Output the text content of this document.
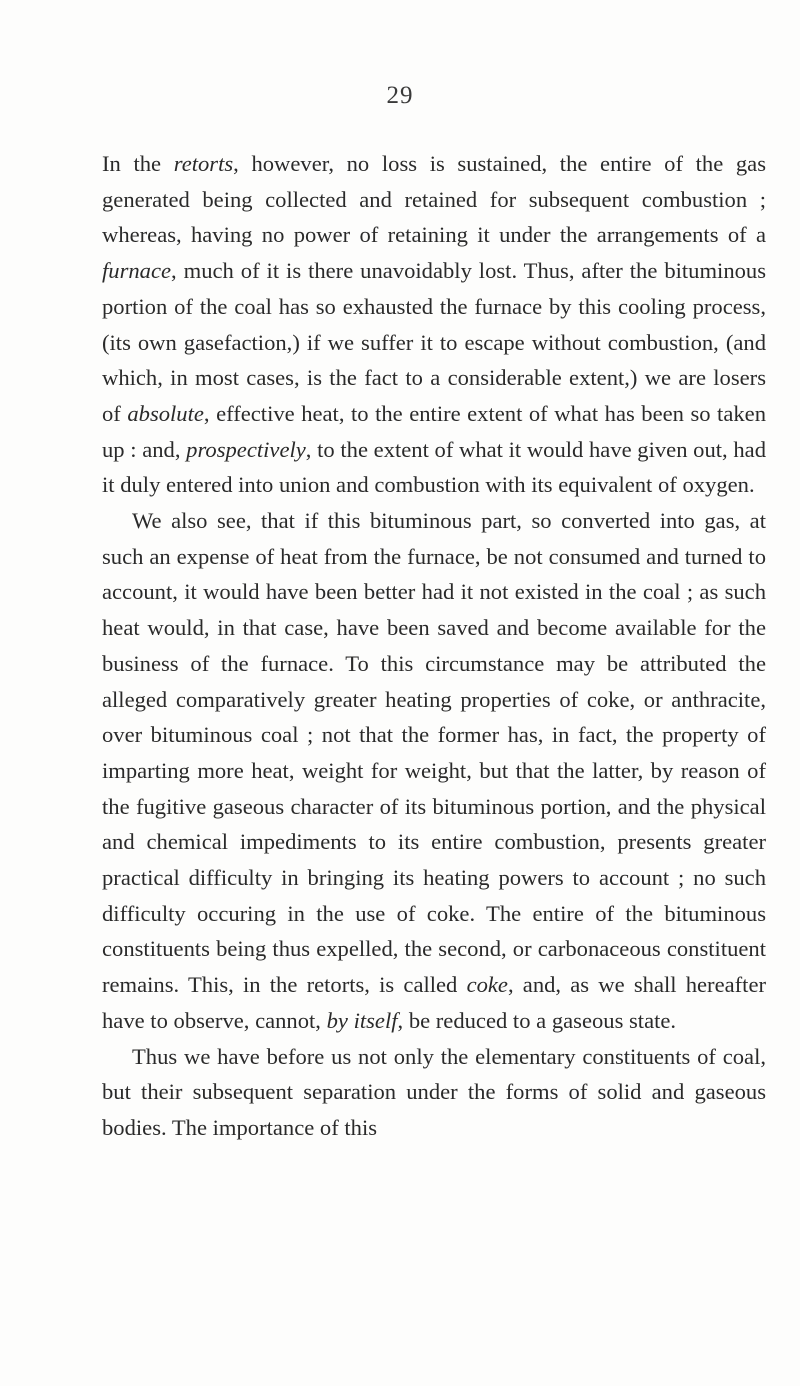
29

In the retorts, however, no loss is sustained, the entire of the gas generated being collected and retained for subsequent combustion ; whereas, having no power of retaining it under the arrangements of a furnace, much of it is there unavoidably lost. Thus, after the bituminous portion of the coal has so exhausted the furnace by this cooling process, (its own gasefaction,) if we suffer it to escape without combustion, (and which, in most cases, is the fact to a considerable extent,) we are losers of absolute, effective heat, to the entire extent of what has been so taken up : and, prospectively, to the extent of what it would have given out, had it duly entered into union and combustion with its equivalent of oxygen.

We also see, that if this bituminous part, so converted into gas, at such an expense of heat from the furnace, be not consumed and turned to account, it would have been better had it not existed in the coal ; as such heat would, in that case, have been saved and become available for the business of the furnace. To this circumstance may be attributed the alleged comparatively greater heating properties of coke, or anthracite, over bituminous coal ; not that the former has, in fact, the property of imparting more heat, weight for weight, but that the latter, by reason of the fugitive gaseous character of its bituminous portion, and the physical and chemical impediments to its entire combustion, presents greater practical difficulty in bringing its heating powers to account ; no such difficulty occuring in the use of coke. The entire of the bituminous constituents being thus expelled, the second, or carbonaceous constituent remains. This, in the retorts, is called coke, and, as we shall hereafter have to observe, cannot, by itself, be reduced to a gaseous state.

Thus we have before us not only the elementary constituents of coal, but their subsequent separation under the forms of solid and gaseous bodies. The importance of this
